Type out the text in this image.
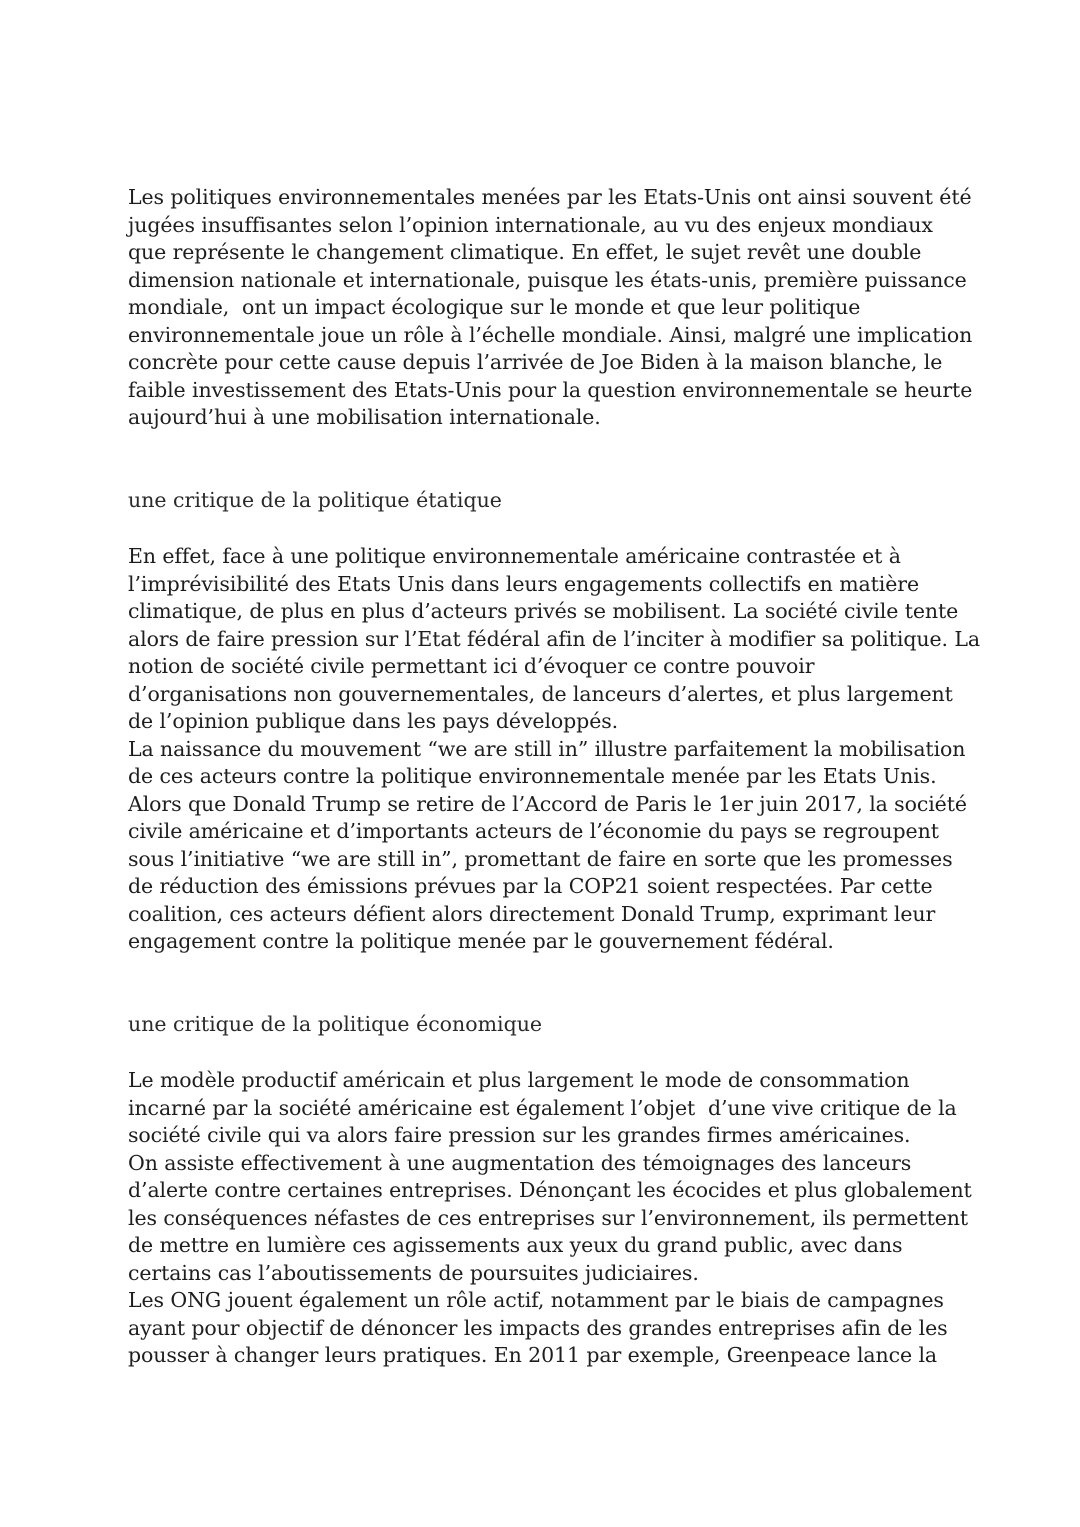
Les politiques environnementales menées par les Etats-Unis ont ainsi souvent été
jugées insuffisantes selon l’opinion internationale, au vu des enjeux mondiaux
que représente le changement climatique. En effet, le sujet revêt une double
dimension nationale et internationale, puisque les états-unis, première puissance
mondiale,  ont un impact écologique sur le monde et que leur politique
environnementale joue un rôle à l’échelle mondiale. Ainsi, malgré une implication
concrète pour cette cause depuis l’arrivée de Joe Biden à la maison blanche, le
faible investissement des Etats-Unis pour la question environnementale se heurte
aujourd’hui à une mobilisation internationale.
une critique de la politique étatique
En effet, face à une politique environnementale américaine contrastée et à
l’imprévisibilité des Etats Unis dans leurs engagements collectifs en matière
climatique, de plus en plus d’acteurs privés se mobilisent. La société civile tente
alors de faire pression sur l’Etat fédéral afin de l’inciter à modifier sa politique. La
notion de société civile permettant ici d’évoquer ce contre pouvoir
d’organisations non gouvernementales, de lanceurs d’alertes, et plus largement
de l’opinion publique dans les pays développés.
La naissance du mouvement “we are still in” illustre parfaitement la mobilisation
de ces acteurs contre la politique environnementale menée par les Etats Unis.
Alors que Donald Trump se retire de l’Accord de Paris le 1er juin 2017, la société
civile américaine et d’importants acteurs de l’économie du pays se regroupent
sous l’initiative “we are still in”, promettant de faire en sorte que les promesses
de réduction des émissions prévues par la COP21 soient respectées. Par cette
coalition, ces acteurs défient alors directement Donald Trump, exprimant leur
engagement contre la politique menée par le gouvernement fédéral.
une critique de la politique économique
Le modèle productif américain et plus largement le mode de consommation
incarné par la société américaine est également l’objet  d’une vive critique de la
société civile qui va alors faire pression sur les grandes firmes américaines.
On assiste effectivement à une augmentation des témoignages des lanceurs
d’alerte contre certaines entreprises. Dénonçant les écocides et plus globalement
les conséquences néfastes de ces entreprises sur l’environnement, ils permettent
de mettre en lumière ces agissements aux yeux du grand public, avec dans
certains cas l’aboutissements de poursuites judiciaires.
Les ONG jouent également un rôle actif, notamment par le biais de campagnes
ayant pour objectif de dénoncer les impacts des grandes entreprises afin de les
pousser à changer leurs pratiques. En 2011 par exemple, Greenpeace lance la
